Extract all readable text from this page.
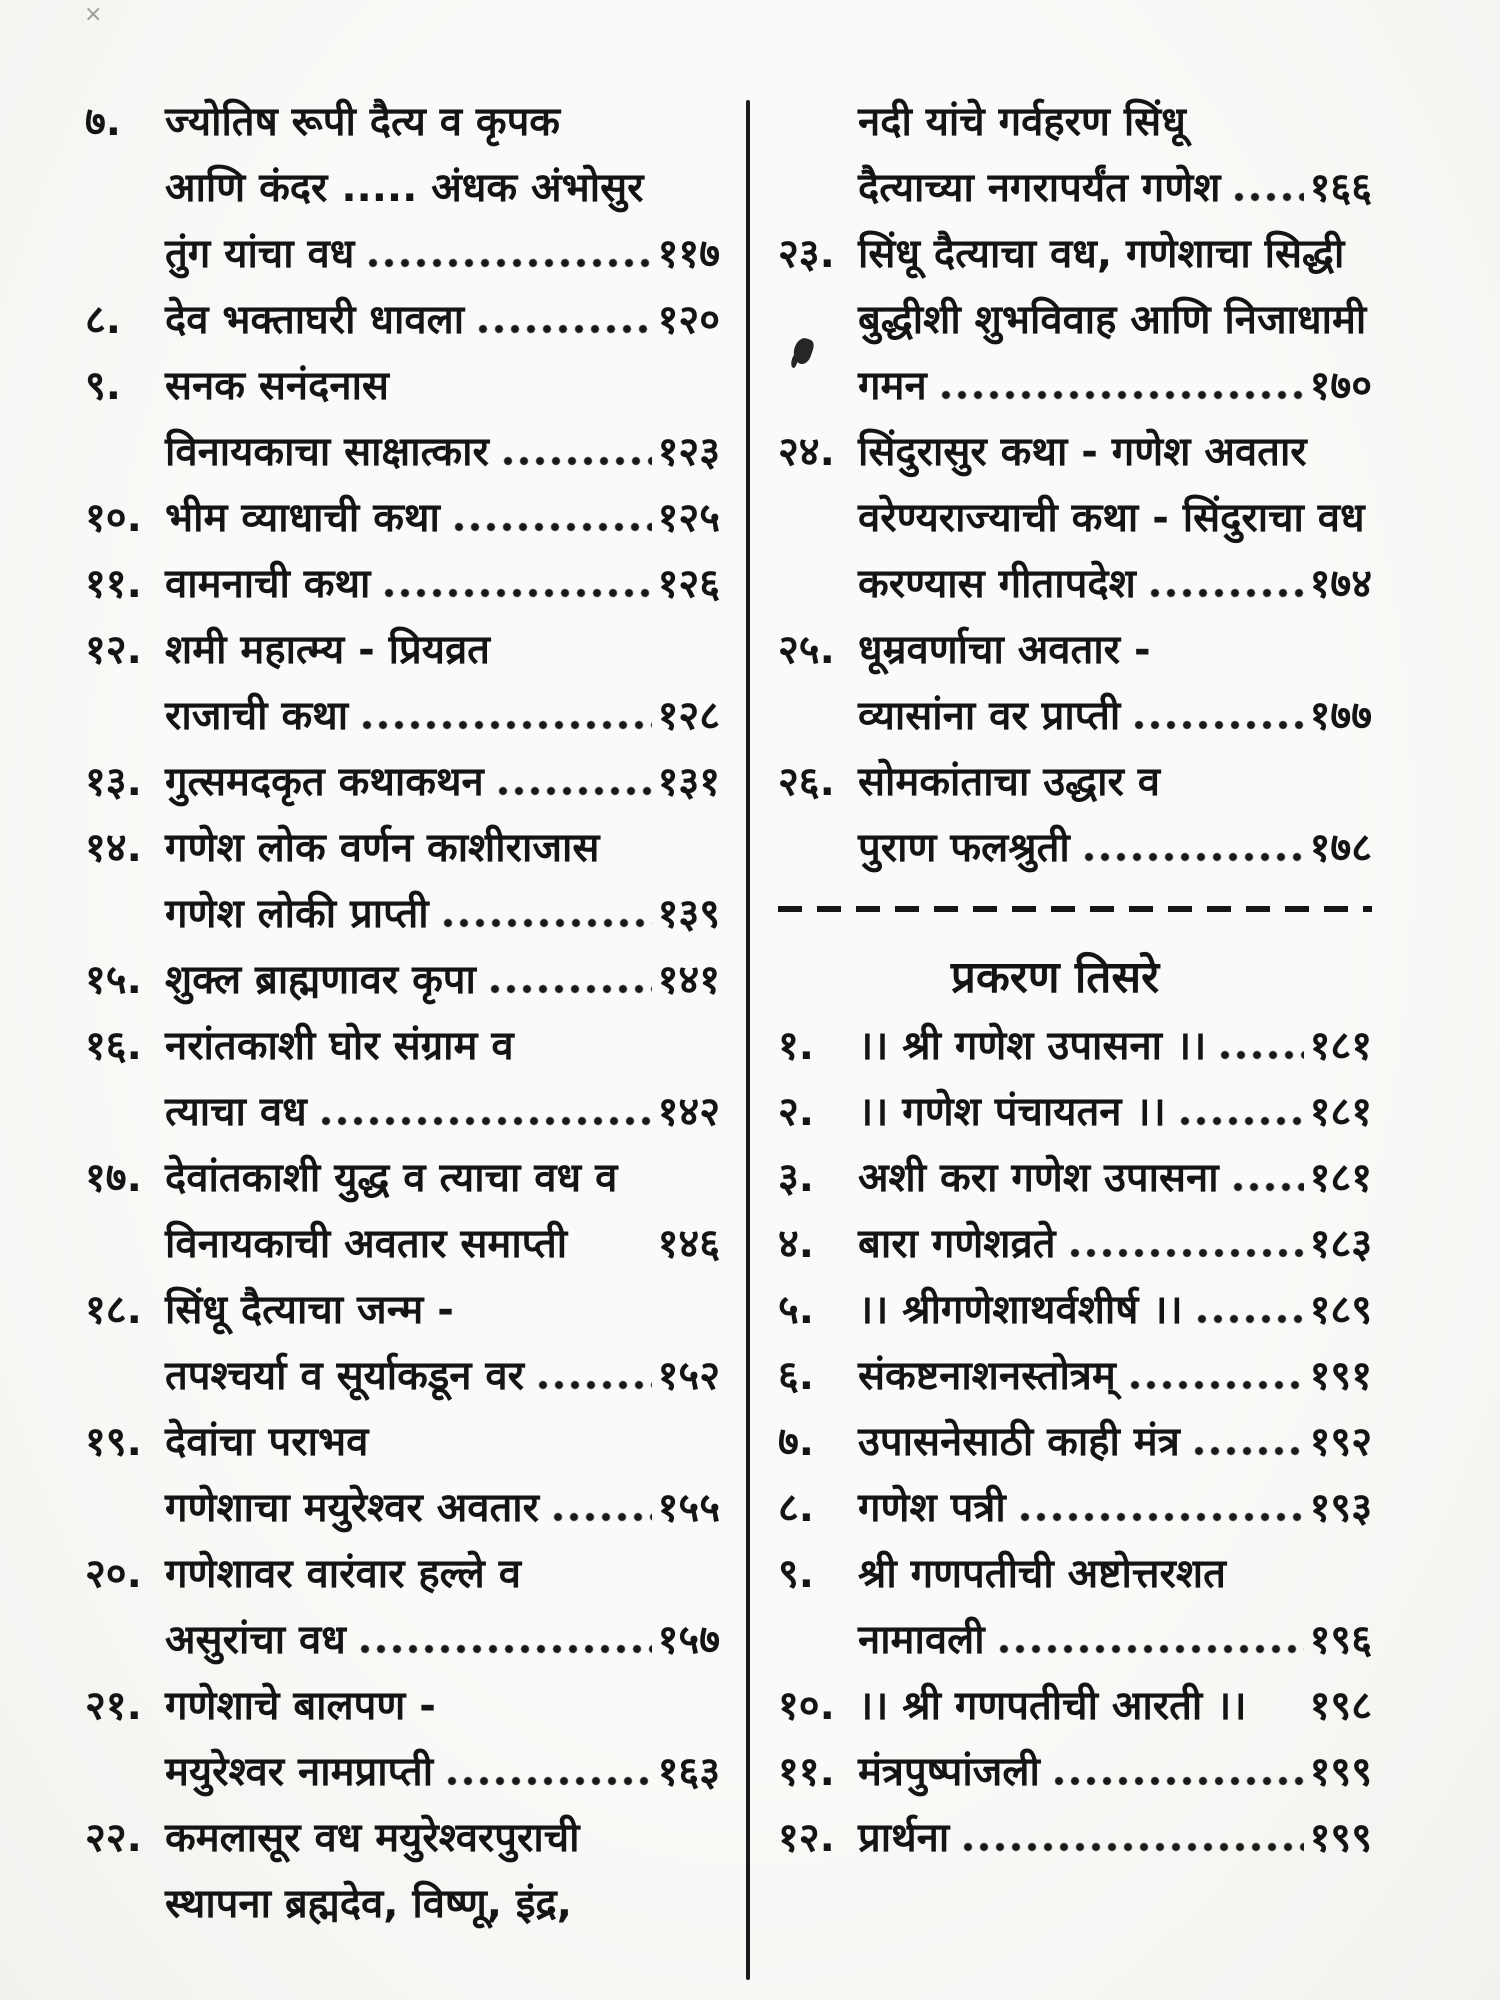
×
७.	ज्योतिष रूपी दैत्य व कृपक
आणि कंदर ..... अंधक अंभोसुर
तुंग यांचा वध	११७
८.	देव भक्ताघरी धावला	१२०
९.	सनक सनंदनास
विनायकाचा साक्षात्कार	१२३
१०. भीम व्याधाची कथा	१२५
११. वामनाची कथा	१२६
१२. शमी महात्म्य - प्रियव्रत
राजाची कथा	१२८
१३. गुत्समदकृत कथाकथन	१३१
१४. गणेश लोक वर्णन काशीराजास
गणेश लोकी प्राप्ती	१३९
१५. शुक्ल ब्राह्मणावर कृपा	१४१
१६. नरांतकाशी घोर संग्राम व
त्याचा वध	१४२
१७. देवांतकाशी युद्ध व त्याचा वध व
विनायकाची अवतार समाप्ती १४६
१८. सिंधू दैत्याचा जन्म -
तपश्चर्या व सूर्याकडून वर	१५२
१९. देवांचा पराभव
गणेशाचा मयुरेश्वर अवतार	१५५
२०. गणेशावर वारंवार हल्ले व
असुरांचा वध	१५७
२१. गणेशाचे बालपण -
मयुरेश्वर नामप्राप्ती	१६३
२२. कमलासूर वध मयुरेश्वरपुराची
स्थापना ब्रह्मदेव, विष्णू, इंद्र,
नदी यांचे गर्वहरण सिंधू
दैत्याच्या नगरापर्यंत गणेश १६६
२३. सिंधू दैत्याचा वध, गणेशाचा सिद्धी
बुद्धीशी शुभविवाह आणि निजाधामी
गमन	१७०
२४. सिंदुरासुर कथा - गणेश अवतार
वरेण्यराज्याची कथा - सिंदुराचा वध
करण्यास गीतापदेश	१७४
२५. धूम्रवर्णाचा अवतार -
व्यासांना वर प्राप्ती	१७७
२६. सोमकांताचा उद्धार व
पुराण फलश्रुती	१७८
प्रकरण तिसरे
१.	।। श्री गणेश उपासना ।।	१८१
२.	।। गणेश पंचायतन ।।	१८१
३.	अशी करा गणेश उपासना १८१
४.	बारा गणेशव्रते	१८३
५.	।। श्रीगणेशाथर्वशीर्ष ।।	१८९
६.	संकष्टनाशनस्तोत्रम्	१९१
७.	उपासनेसाठी काही मंत्र	१९२
८.	गणेश पत्री	१९३
९.	श्री गणपतीची अष्टोत्तरशत
नामावली	१९६
१०. ।। श्री गणपतीची आरती ।। १९८
११. मंत्रपुष्पांजली	१९९
१२. प्रार्थना	१९९
